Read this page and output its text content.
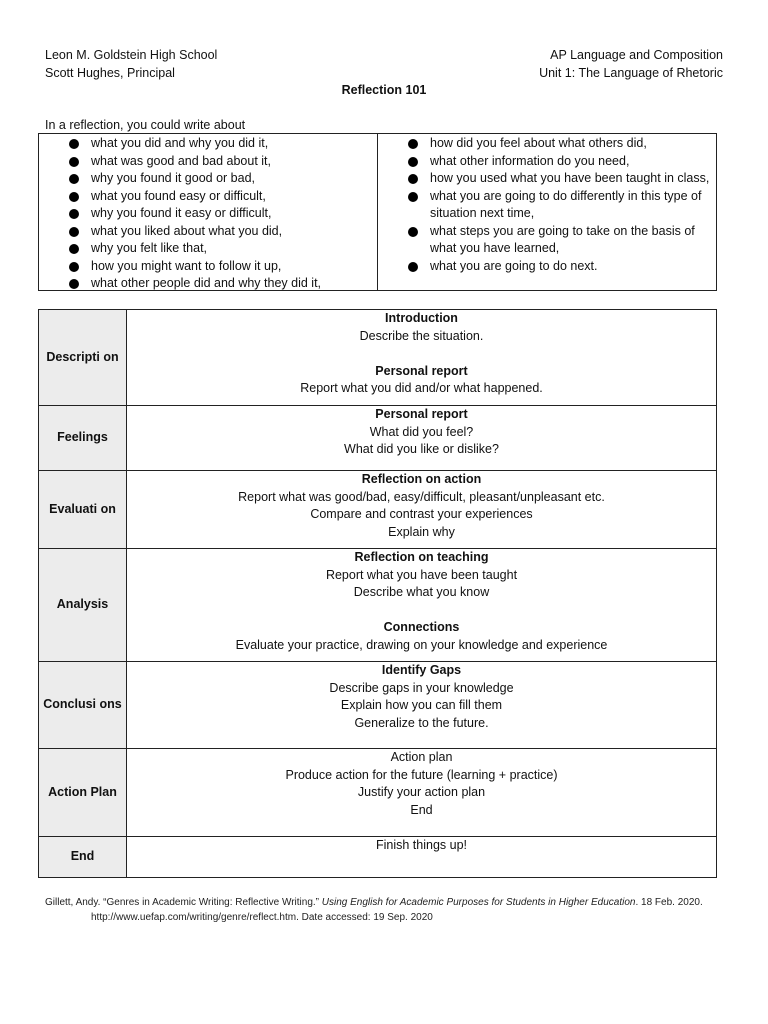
Leon M. Goldstein High School
Scott Hughes, Principal
AP Language and Composition
Unit 1: The Language of Rhetoric
Reflection 101
In a reflection, you could write about
what you did and why you did it,
what was good and bad about it,
why you found it good or bad,
what you found easy or difficult,
why you found it easy or difficult,
what you liked about what you did,
why you felt like that,
how you might want to follow it up,
what other people did and why they did it,
how did you feel about what others did,
what other information do you need,
how you used what you have been taught in class,
what you are going to do differently in this type of situation next time,
what steps you are going to take on the basis of what you have learned,
what you are going to do next.
Descripti on	Introduction
Describe the situation.
Personal report
Report what you did and/or what happened.

Feelings	Personal report
What did you feel?
What did you like or dislike?

Evaluati on	Reflection on action
Report what was good/bad, easy/difficult, pleasant/unpleasant etc.
Compare and contrast your experiences
Explain why

Analysis	Reflection on teaching
Report what you have been taught
Describe what you know
Connections
Evaluate your practice, drawing on your knowledge and experience

Conclusi ons	Identify Gaps
Describe gaps in your knowledge
Explain how you can fill them
Generalize to the future.

Action Plan	Action plan
Produce action for the future (learning + practice)
Justify your action plan
End

End	Finish things up!
Gillett, Andy. “Genres in Academic Writing: Reflective Writing.” Using English for Academic Purposes for Students in Higher Education. 18 Feb. 2020.
http://www.uefap.com/writing/genre/reflect.htm. Date accessed: 19 Sep. 2020
